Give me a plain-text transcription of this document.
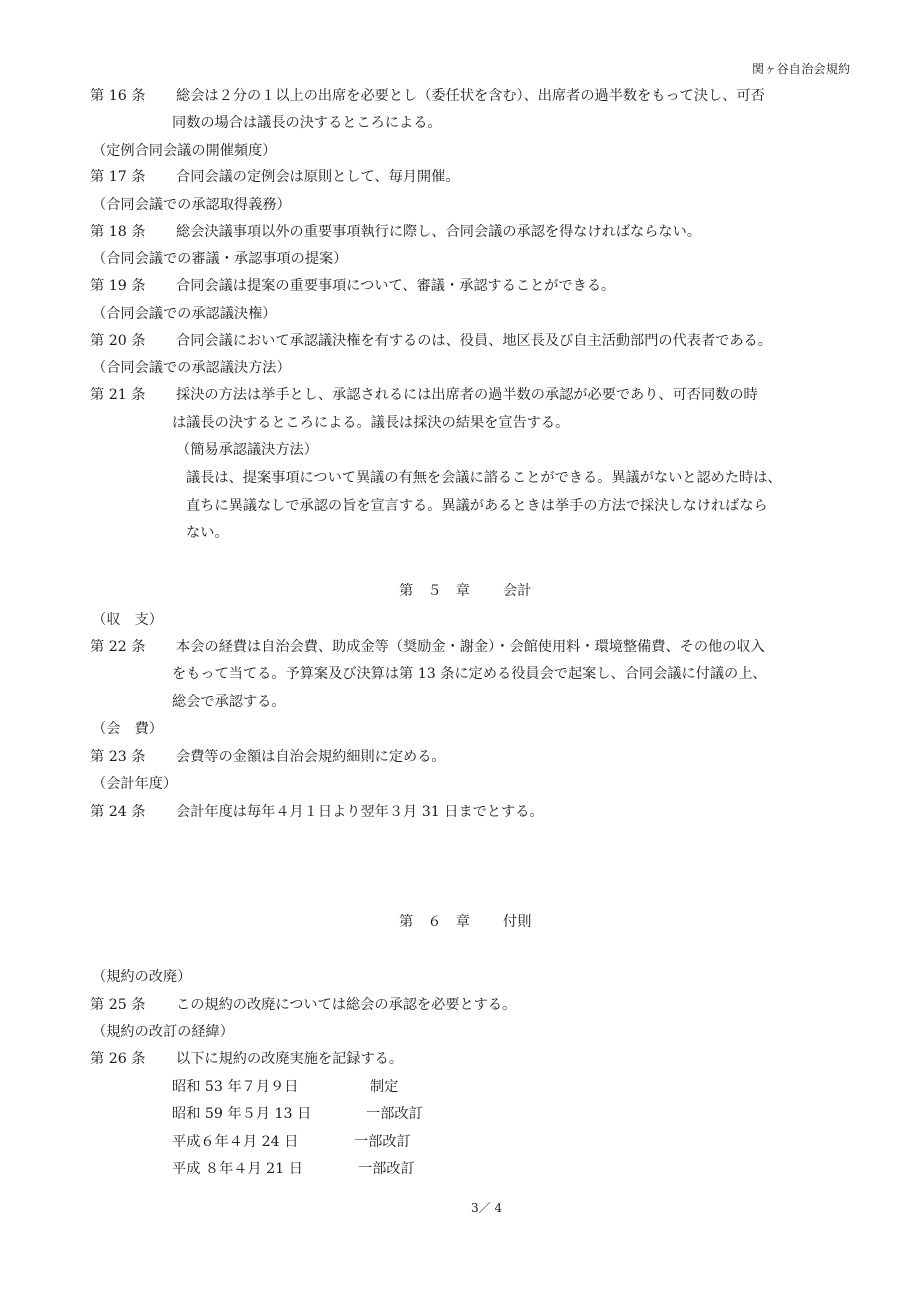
関ヶ谷自治会規約
第 16 条 総会は２分の１以上の出席を必要とし（委任状を含む）、出席者の過半数をもって決し、可否
同数の場合は議長の決するところによる。
（定例合同会議の開催頻度）
第 17 条 合同会議の定例会は原則として、毎月開催。
（合同会議での承認取得義務）
第 18 条 総会決議事項以外の重要事項執行に際し、合同会議の承認を得なければならない。
（合同会議での審議・承認事項の提案）
第 19 条 合同会議は提案の重要事項について、審議・承認することができる。
（合同会議での承認議決権）
第 20 条 合同会議において承認議決権を有するのは、役員、地区長及び自主活動部門の代表者である。
（合同会議での承認議決方法）
第 21 条 採決の方法は挙手とし、承認されるには出席者の過半数の承認が必要であり、可否同数の時
は議長の決するところによる。議長は採決の結果を宣告する。
（簡易承認議決方法）
議長は、提案事項について異議の有無を会議に諮ることができる。異議がないと認めた時は、
直ちに異議なしで承認の旨を宣言する。異議があるときは挙手の方法で採決しなければなら
ない。
第　５　章 会計
（収　支）
第 22 条 本会の経費は自治会費、助成金等（奨励金・謝金）・会館使用料・環境整備費、その他の収入
をもって当てる。予算案及び決算は第 13 条に定める役員会で起案し、合同会議に付議の上、
総会で承認する。
（会　費）
第 23 条 会費等の金額は自治会規約細則に定める。
（会計年度）
第 24 条 会計年度は毎年４月１日より翌年３月 31 日までとする。
第　６　章 付則
（規約の改廃）
第 25 条 この規約の改廃については総会の承認を必要とする。
（規約の改訂の経緯）
第 26 条 以下に規約の改廃実施を記録する。
昭和 53 年７月９日	制定
昭和 59 年５月 13 日	一部改訂
平成６年４月 24 日	一部改訂
平成 ８年４月 21 日	一部改訂
3／ 4
